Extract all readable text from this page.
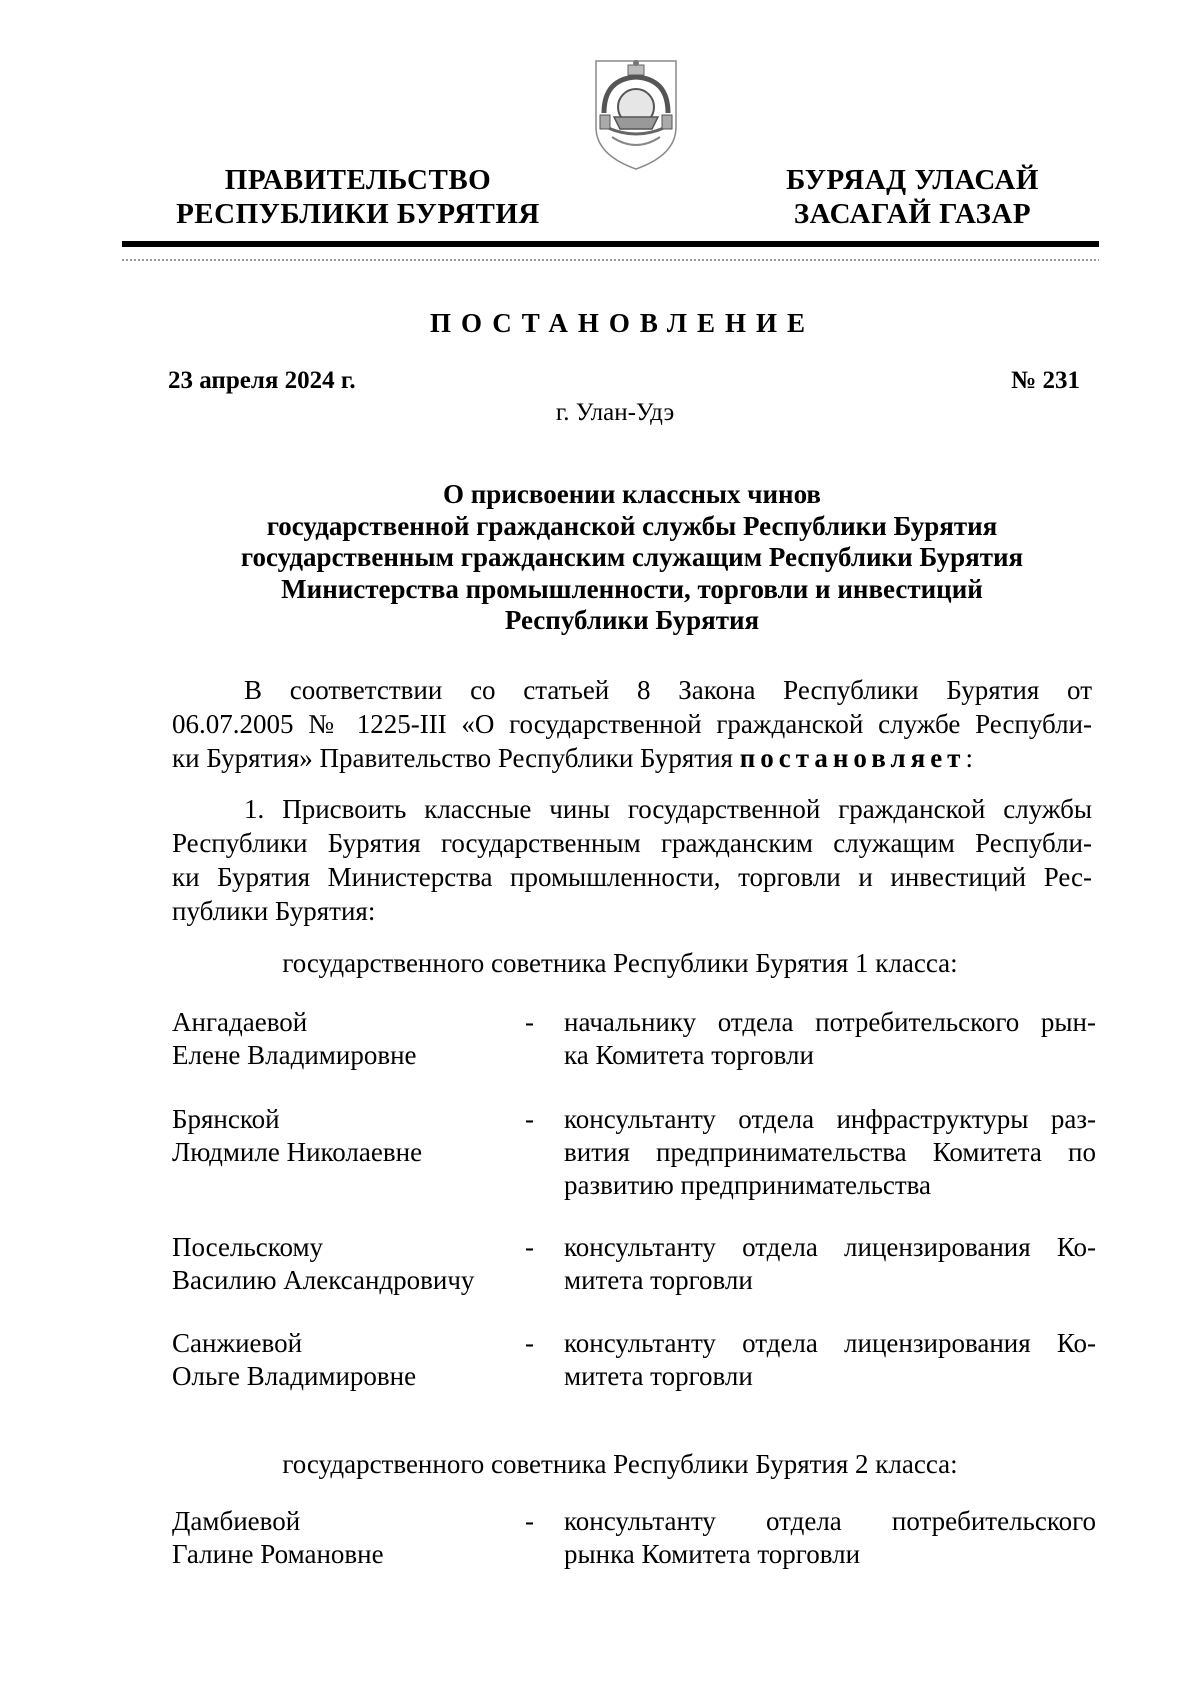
ПРАВИТЕЛЬСТВО
РЕСПУБЛИКИ БУРЯТИЯ
БУРЯАД УЛАСАЙ
ЗАСАГАЙ ГАЗАР
ПОСТАНОВЛЕНИЕ
23 апреля 2024 г.	№ 231
г. Улан-Удэ
О присвоении классных чинов
государственной гражданской службы Республики Бурятия
государственным гражданским служащим Республики Бурятия
Министерства промышленности, торговли и инвестиций
Республики Бурятия
В соответствии со статьей 8 Закона Республики Бурятия от
06.07.2005 № 1225-III «О государственной гражданской службе Республи-
ки Бурятия» Правительство Республики Бурятия постановляет:
1. Присвоить классные чины государственной гражданской службы
Республики Бурятия государственным гражданским служащим Республи-
ки Бурятия Министерства промышленности, торговли и инвестиций Рес-
публики Бурятия:
государственного советника Республики Бурятия 1 класса:
Ангадаевой
Елене Владимировне
-	начальнику отдела потребительского рын-
ка Комитета торговли
Брянской
Людмиле Николаевне
-	консультанту отдела инфраструктуры раз-
вития предпринимательства Комитета по
развитию предпринимательства
Посельскому
Василию Александровичу
-	консультанту отдела лицензирования Ко-
митета торговли
Санжиевой
Ольге Владимировне
-	консультанту отдела лицензирования Ко-
митета торговли
государственного советника Республики Бурятия 2 класса:
Дамбиевой
Галине Романовне
-	консультанту отдела потребительского
рынка Комитета торговли
